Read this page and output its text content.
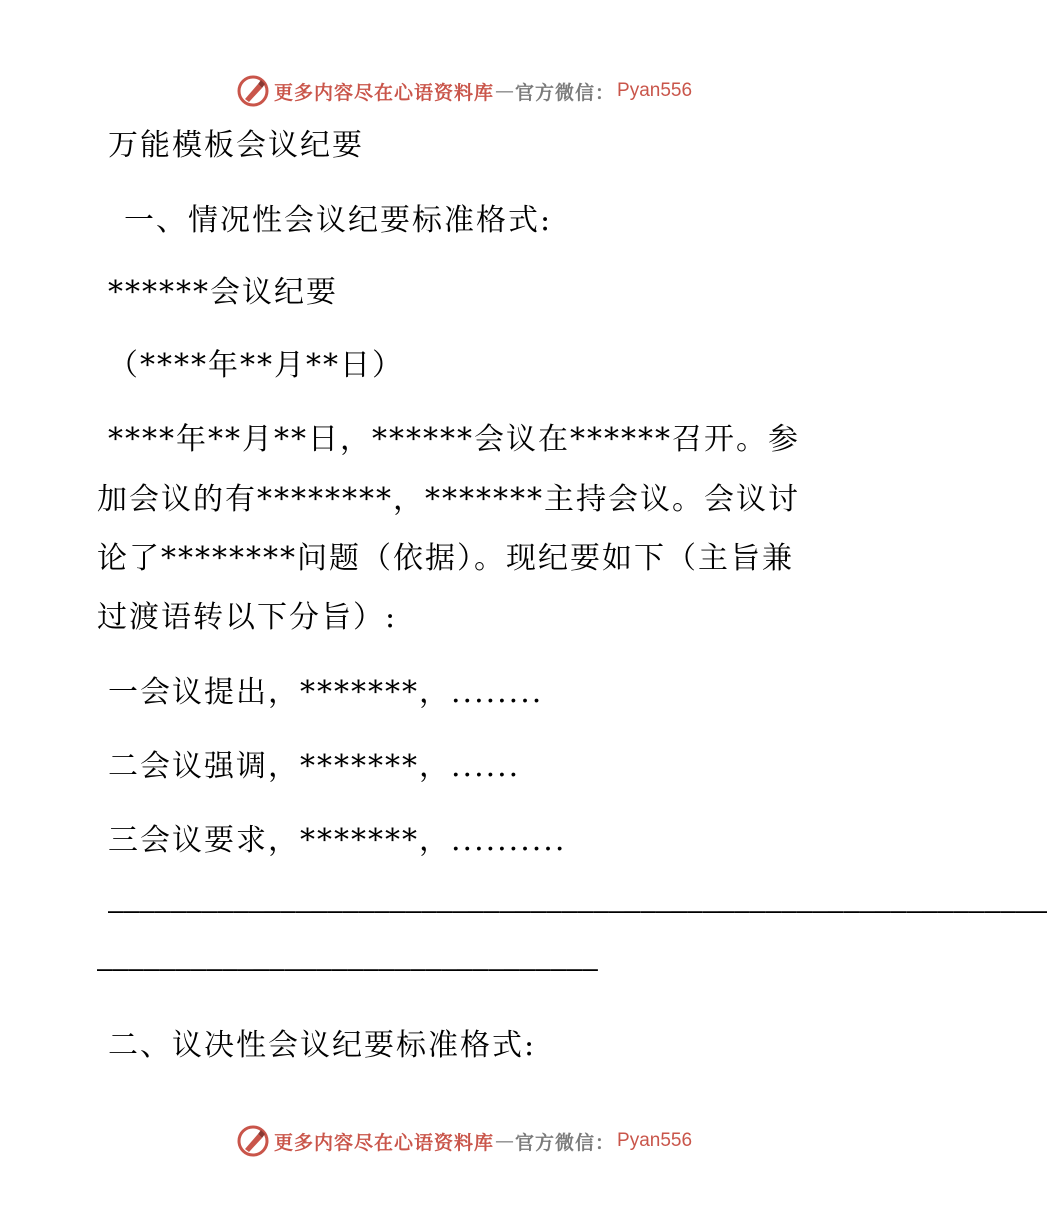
更多内容尽在心语资料库 — 官方微信： Pyan556
万能模板会议纪要
一、情况性会议纪要标准格式:
******会议纪要
（****年**月**日）
****年**月**日，******会议在******召开。参
加会议的有********，*******主持会议。会议讨
论了********问题（依据）。现纪要如下（主旨兼
过渡语转以下分旨）:
一会议提出，*******，........
二会议强调，*******，......
三会议要求，*******，..........
————————————————————————————————————————————————————————————
————————————————————————————————
二、议决性会议纪要标准格式:
更多内容尽在心语资料库 — 官方微信： Pyan556
